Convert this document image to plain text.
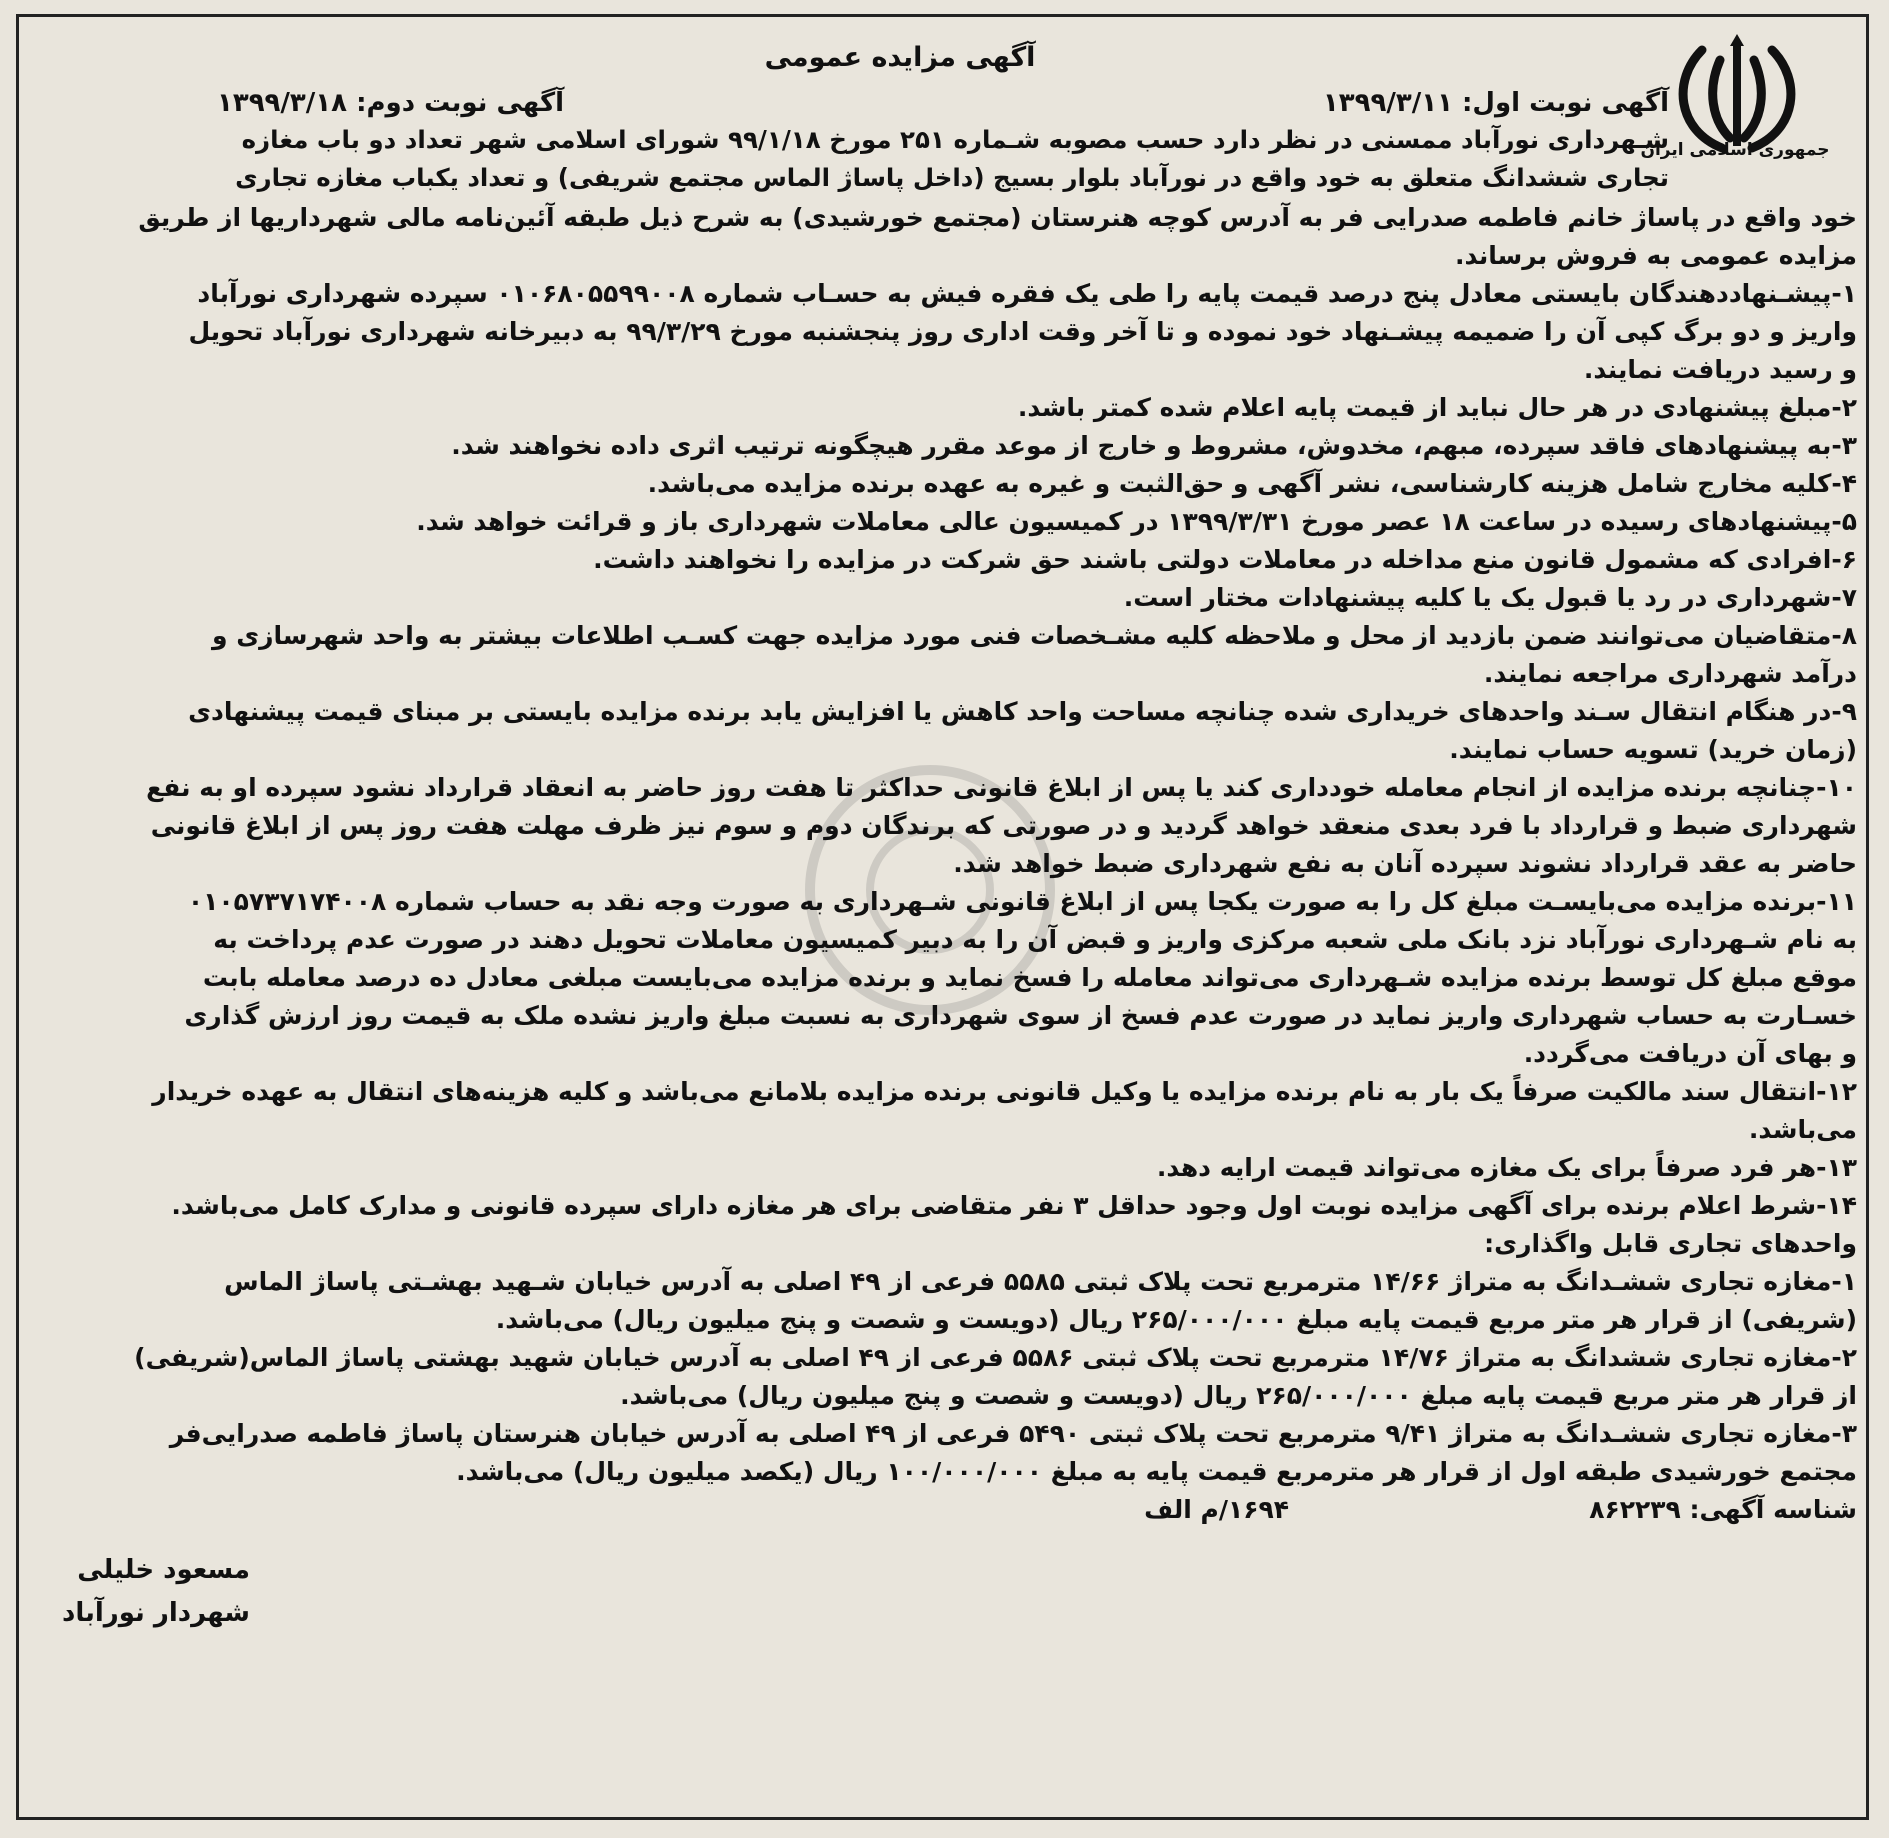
جمهوری اسلامی ایران
آگهی مزایده عمومی
آگهی نوبت دوم: ۱۳۹۹/۳/۱۸	آگهی نوبت اول: ۱۳۹۹/۳/۱۱
شـهرداری نورآباد ممسنی در نظر دارد حسب مصوبه شـماره ۲۵۱ مورخ ۹۹/۱/۱۸ شورای اسلامی شهر تعداد دو باب مغازه
تجاری ششدانگ متعلق به خود واقع در نورآباد بلوار بسیج (داخل پاساژ الماس مجتمع شریفی) و تعداد یکباب مغازه تجاری
خود واقع در پاساژ خانم فاطمه صدرایی فر به آدرس کوچه هنرستان (مجتمع خورشیدی) به شرح ذیل طبقه آئین‌نامه مالی شهرداریها از طریق
مزایده عمومی به فروش برساند.
۱-پیشـنهاددهندگان بایستی معادل پنج درصد قیمت پایه را طی یک فقره فیش به حسـاب شماره ۰۱۰۶۸۰۵۵۹۹۰۰۸ سپرده شهرداری نورآباد
واریز و دو برگ کپی آن را ضمیمه پیشـنهاد خود نموده و تا آخر وقت اداری روز پنجشنبه مورخ ۹۹/۳/۲۹ به دبیرخانه شهرداری نورآباد تحویل
و رسید دریافت نمایند.
۲-مبلغ پیشنهادی در هر حال نباید از قیمت پایه اعلام شده کمتر باشد.
۳-به پیشنهادهای فاقد سپرده، مبهم، مخدوش، مشروط و خارج از موعد مقرر هیچگونه ترتیب اثری داده نخواهند شد.
۴-کلیه مخارج شامل هزینه کارشناسی، نشر آگهی و حق‌الثبت و غیره به عهده برنده مزایده می‌باشد.
۵-پیشنهادهای رسیده در ساعت ۱۸ عصر مورخ ۱۳۹۹/۳/۳۱ در کمیسیون عالی معاملات شهرداری باز و قرائت خواهد شد.
۶-افرادی که مشمول قانون منع مداخله در معاملات دولتی باشند حق شرکت در مزایده را نخواهند داشت.
۷-شهرداری در رد یا قبول یک یا کلیه پیشنهادات مختار است.
۸-متقاضیان می‌توانند ضمن بازدید از محل و ملاحظه کلیه مشـخصات فنی مورد مزایده جهت کسـب اطلاعات بیشتر به واحد شهرسازی و
درآمد شهرداری مراجعه نمایند.
۹-در هنگام انتقال سـند واحدهای خریداری شده چنانچه مساحت واحد کاهش یا افزایش یابد برنده مزایده بایستی بر مبنای قیمت پیشنهادی
(زمان خرید) تسویه حساب نمایند.
۱۰-چنانچه برنده مزایده از انجام معامله خودداری کند یا پس از ابلاغ قانونی حداکثر تا هفت روز حاضر به انعقاد قرارداد نشود سپرده او به نفع
شهرداری ضبط و قرارداد با فرد بعدی منعقد خواهد گردید و در صورتی که برندگان دوم و سوم نیز ظرف مهلت هفت روز پس از ابلاغ قانونی
حاضر به عقد قرارداد نشوند سپرده آنان به نفع شهرداری ضبط خواهد شد.
۱۱-برنده مزایده می‌بایسـت مبلغ کل را به صورت یکجا پس از ابلاغ قانونی شـهرداری به صورت وجه نقد به حساب شماره ۰۱۰۵۷۳۷۱۷۴۰۰۸
به نام شـهرداری نورآباد نزد بانک ملی شعبه مرکزی واریز و قبض آن را به دبیر کمیسیون معاملات تحویل دهند در صورت عدم پرداخت به
موقع مبلغ کل توسط برنده مزایده شـهرداری می‌تواند معامله را فسخ نماید و برنده مزایده می‌بایست مبلغی معادل ده درصد معامله بابت
خسـارت به حساب شهرداری واریز نماید در صورت عدم فسخ از سوی شهرداری به نسبت مبلغ واریز نشده ملک به قیمت روز ارزش گذاری
و بهای آن دریافت می‌گردد.
۱۲-انتقال سند مالکیت صرفاً یک بار به نام برنده مزایده یا وکیل قانونی برنده مزایده بلامانع می‌باشد و کلیه هزینه‌های انتقال به عهده خریدار
می‌باشد.
۱۳-هر فرد صرفاً برای یک مغازه می‌تواند قیمت ارایه دهد.
۱۴-شرط اعلام برنده برای آگهی مزایده نوبت اول وجود حداقل ۳ نفر متقاضی برای هر مغازه دارای سپرده قانونی و مدارک کامل می‌باشد.
واحدهای تجاری قابل واگذاری:
۱-مغازه تجاری ششـدانگ به متراژ ۱۴/۶۶ مترمربع تحت پلاک ثبتی ۵۵۸۵ فرعی از ۴۹ اصلی به آدرس خیابان شـهید بهشـتی پاساژ الماس
(شریفی) از قرار هر متر مربع قیمت پایه مبلغ ۲۶۵/۰۰۰/۰۰۰ ریال (دویست و شصت و پنج میلیون ریال) می‌باشد.
۲-مغازه تجاری ششدانگ به متراژ ۱۴/۷۶ مترمربع تحت پلاک ثبتی ۵۵۸۶ فرعی از ۴۹ اصلی به آدرس خیابان شهید بهشتی پاساژ الماس(شریفی)
از قرار هر متر مربع قیمت پایه مبلغ ۲۶۵/۰۰۰/۰۰۰ ریال (دویست و شصت و پنج میلیون ریال) می‌باشد.
۳-مغازه تجاری ششـدانگ به متراژ ۹/۴۱ مترمربع تحت پلاک ثبتی ۵۴۹۰ فرعی از ۴۹ اصلی به آدرس خیابان هنرستان پاساژ فاطمه صدرایی‌فر
مجتمع خورشیدی طبقه اول از قرار هر مترمربع قیمت پایه به مبلغ ۱۰۰/۰۰۰/۰۰۰ ریال (یکصد میلیون ریال) می‌باشد.
شناسه آگهی: ۸۶۲۲۳۹
۱۶۹۴/م الف
مسعود خلیلی
شهردار نورآباد
